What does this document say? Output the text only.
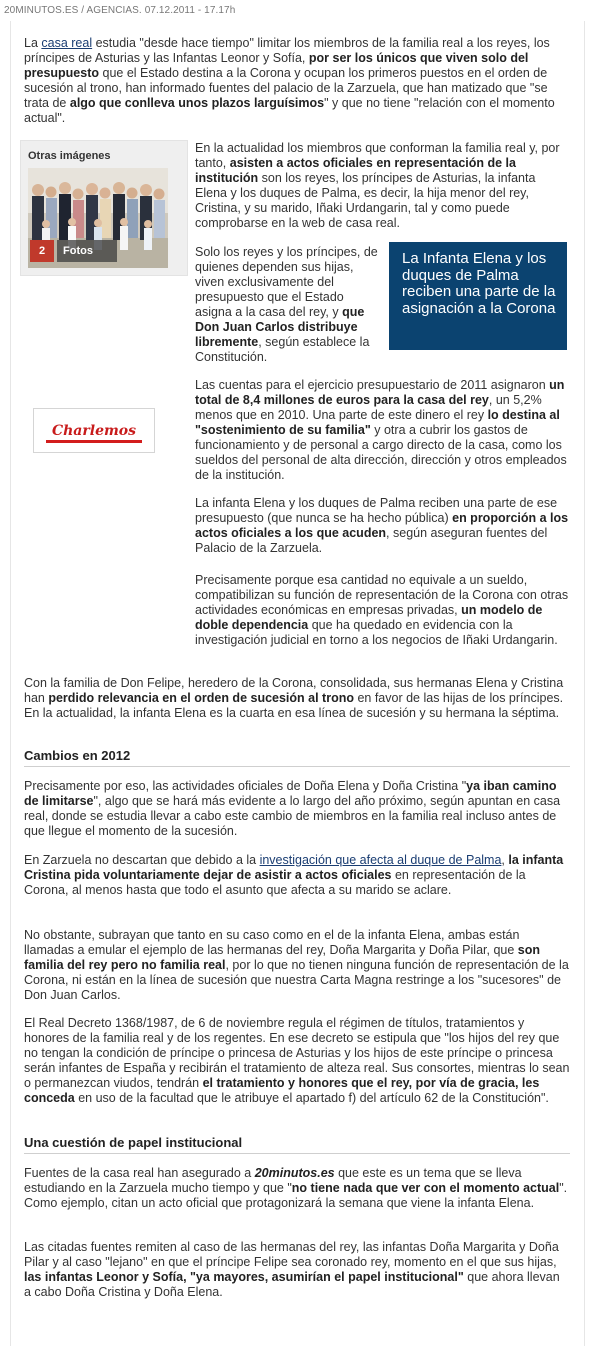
20MINUTOS.ES / AGENCIAS. 07.12.2011 - 17.17h

La casa real estudia "desde hace tiempo" limitar los miembros de la familia real a los reyes, los príncipes de Asturias y las Infantas Leonor y Sofía, por ser los únicos que viven solo del presupuesto que el Estado destina a la Corona y ocupan los primeros puestos en el orden de sucesión al trono, han informado fuentes del palacio de la Zarzuela, que han matizado que "se trata de algo que conlleva unos plazos larguísimos" y que no tiene "relación con el momento actual".

Otras imágenes
2	Fotos

En la actualidad los miembros que conforman la familia real y, por tanto, asisten a actos oficiales en representación de la institución son los reyes, los príncipes de Asturias, la infanta Elena y los duques de Palma, es decir, la hija menor del rey, Cristina, y su marido, Iñaki Urdangarin, tal y como puede comprobarse en la web de casa real.

Solo los reyes y los príncipes, de quienes dependen sus hijas, viven exclusivamente del presupuesto que el Estado asigna a la casa del rey, y que Don Juan Carlos distribuye libremente, según establece la Constitución.

La Infanta Elena y los duques de Palma reciben una parte de la asignación a la Corona
Charlemos

Las cuentas para el ejercicio presupuestario de 2011 asignaron un total de 8,4 millones de euros para la casa del rey, un 5,2% menos que en 2010. Una parte de este dinero el rey lo destina al "sostenimiento de su familia" y otra a cubrir los gastos de funcionamiento y de personal a cargo directo de la casa, como los sueldos del personal de alta dirección, dirección y otros empleados de la institución.

La infanta Elena y los duques de Palma reciben una parte de ese presupuesto (que nunca se ha hecho pública) en proporción a los actos oficiales a los que acuden, según aseguran fuentes del Palacio de la Zarzuela.

Precisamente porque esa cantidad no equivale a un sueldo, compatibilizan su función de representación de la Corona con otras actividades económicas en empresas privadas, un modelo de doble dependencia que ha quedado en evidencia con la investigación judicial en torno a los negocios de Iñaki Urdangarin.

Con la familia de Don Felipe, heredero de la Corona, consolidada, sus hermanas Elena y Cristina han perdido relevancia en el orden de sucesión al trono en favor de las hijas de los príncipes. En la actualidad, la infanta Elena es la cuarta en esa línea de sucesión y su hermana la séptima.

Cambios en 2012

Precisamente por eso, las actividades oficiales de Doña Elena y Doña Cristina "ya iban camino de limitarse", algo que se hará más evidente a lo largo del año próximo, según apuntan en casa real, donde se estudia llevar a cabo este cambio de miembros en la familia real incluso antes de que llegue el momento de la sucesión.

En Zarzuela no descartan que debido a la investigación que afecta al duque de Palma, la infanta Cristina pida voluntariamente dejar de asistir a actos oficiales en representación de la Corona, al menos hasta que todo el asunto que afecta a su marido se aclare.

No obstante, subrayan que tanto en su caso como en el de la infanta Elena, ambas están llamadas a emular el ejemplo de las hermanas del rey, Doña Margarita y Doña Pilar, que son familia del rey pero no familia real, por lo que no tienen ninguna función de representación de la Corona, ni están en la línea de sucesión que nuestra Carta Magna restringe a los "sucesores" de Don Juan Carlos.

El Real Decreto 1368/1987, de 6 de noviembre regula el régimen de títulos, tratamientos y honores de la familia real y de los regentes. En ese decreto se estipula que "los hijos del rey que no tengan la condición de príncipe o princesa de Asturias y los hijos de este príncipe o princesa serán infantes de España y recibirán el tratamiento de alteza real. Sus consortes, mientras lo sean o permanezcan viudos, tendrán el tratamiento y honores que el rey, por vía de gracia, les conceda en uso de la facultad que le atribuye el apartado f) del artículo 62 de la Constitución".

Una cuestión de papel institucional

Fuentes de la casa real han asegurado a 20minutos.es que este es un tema que se lleva estudiando en la Zarzuela mucho tiempo y que "no tiene nada que ver con el momento actual". Como ejemplo, citan un acto oficial que protagonizará la semana que viene la infanta Elena.

Las citadas fuentes remiten al caso de las hermanas del rey, las infantas Doña Margarita y Doña Pilar y al caso "lejano" en que el príncipe Felipe sea coronado rey, momento en el que sus hijas, las infantas Leonor y Sofía, "ya mayores, asumirían el papel institucional" que ahora llevan a cabo Doña Cristina y Doña Elena.
